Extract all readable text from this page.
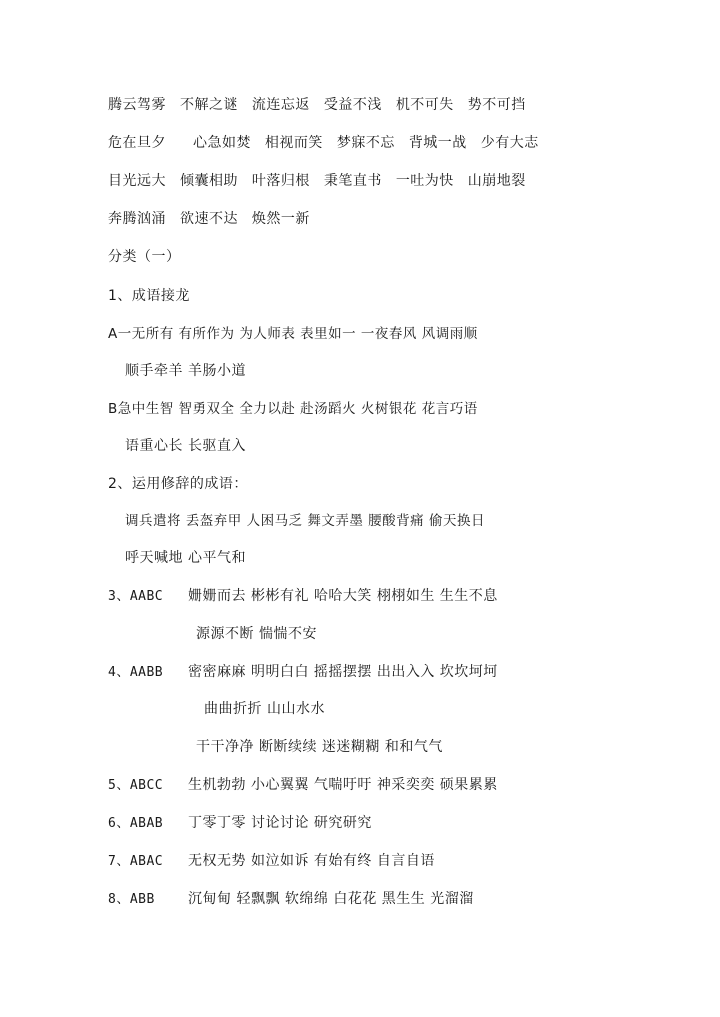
腾云驾雾 不解之谜 流连忘返 受益不浅 机不可失 势不可挡
危在旦夕 心急如焚 相视而笑 梦寐不忘 背城一战 少有大志
目光远大 倾囊相助 叶落归根 秉笔直书 一吐为快 山崩地裂
奔腾汹涌 欲速不达 焕然一新
分类（一）
1、成语接龙
A一无所有 有所作为 为人师表 表里如一 一夜春风 风调雨顺
顺手牵羊 羊肠小道
B急中生智 智勇双全 全力以赴 赴汤蹈火 火树银花 花言巧语
语重心长 长驱直入
2、运用修辞的成语：
调兵遣将 丢盔弃甲 人困马乏 舞文弄墨 腰酸背痛 偷天换日
呼天喊地 心平气和
3、AABC 姗姗而去 彬彬有礼 哈哈大笑 栩栩如生 生生不息
源源不断 惴惴不安
4、AABB 密密麻麻 明明白白 摇摇摆摆 出出入入 坎坎坷坷
曲曲折折 山山水水
干干净净 断断续续 迷迷糊糊 和和气气
5、ABCC 生机勃勃 小心翼翼 气喘吁吁 神采奕奕 硕果累累
6、ABAB 丁零丁零 讨论讨论 研究研究
7、ABAC 无权无势 如泣如诉 有始有终 自言自语
8、ABB 沉甸甸 轻飘飘 软绵绵 白花花 黑生生 光溜溜
